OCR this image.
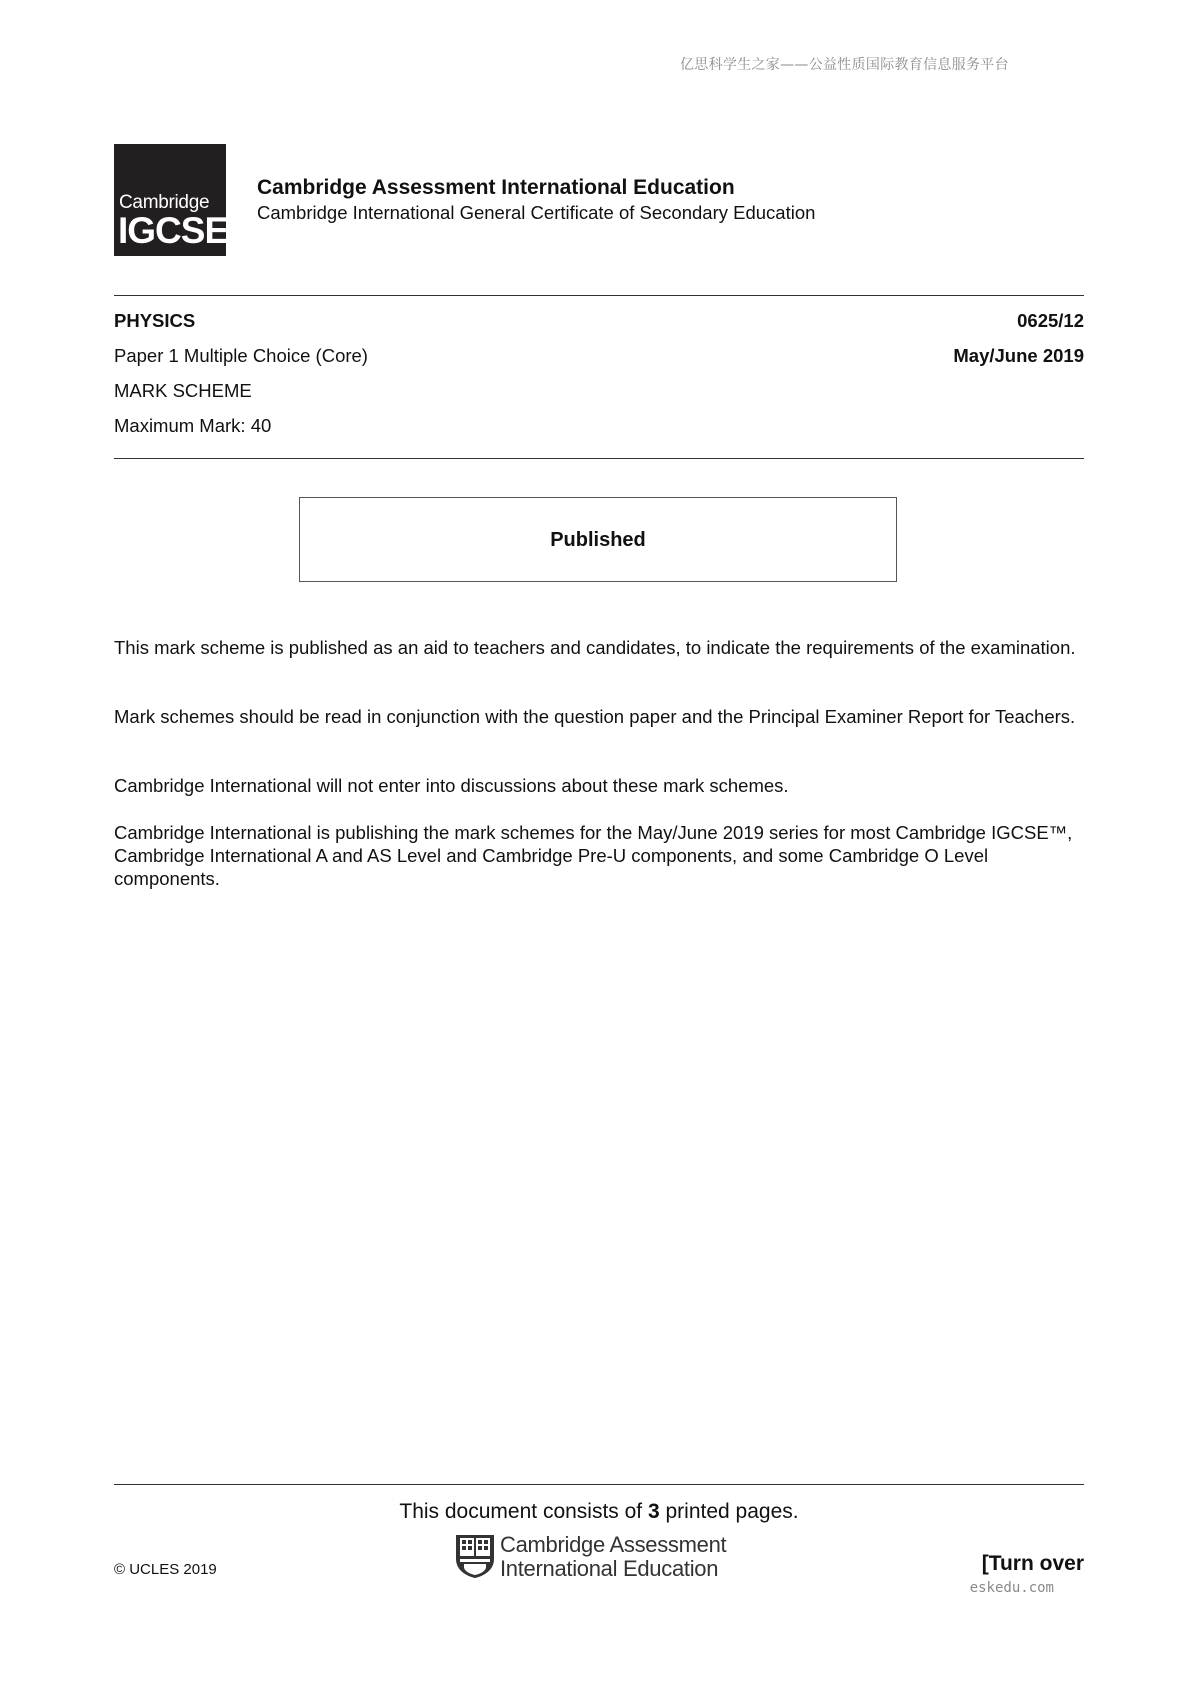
亿思科学生之家——公益性质国际教育信息服务平台
Cambridge
IGCSE
Cambridge Assessment International Education
Cambridge International General Certificate of Secondary Education
PHYSICS	0625/12
Paper 1 Multiple Choice (Core)	May/June 2019
MARK SCHEME
Maximum Mark: 40
Published
This mark scheme is published as an aid to teachers and candidates, to indicate the requirements of the examination.
Mark schemes should be read in conjunction with the question paper and the Principal Examiner Report for Teachers.
Cambridge International will not enter into discussions about these mark schemes.
Cambridge International is publishing the mark schemes for the May/June 2019 series for most Cambridge IGCSE™, Cambridge International A and AS Level and Cambridge Pre-U components, and some Cambridge O Level components.
This document consists of 3 printed pages.
© UCLES 2019
Cambridge Assessment
International Education	[Turn over
eskedu.com
